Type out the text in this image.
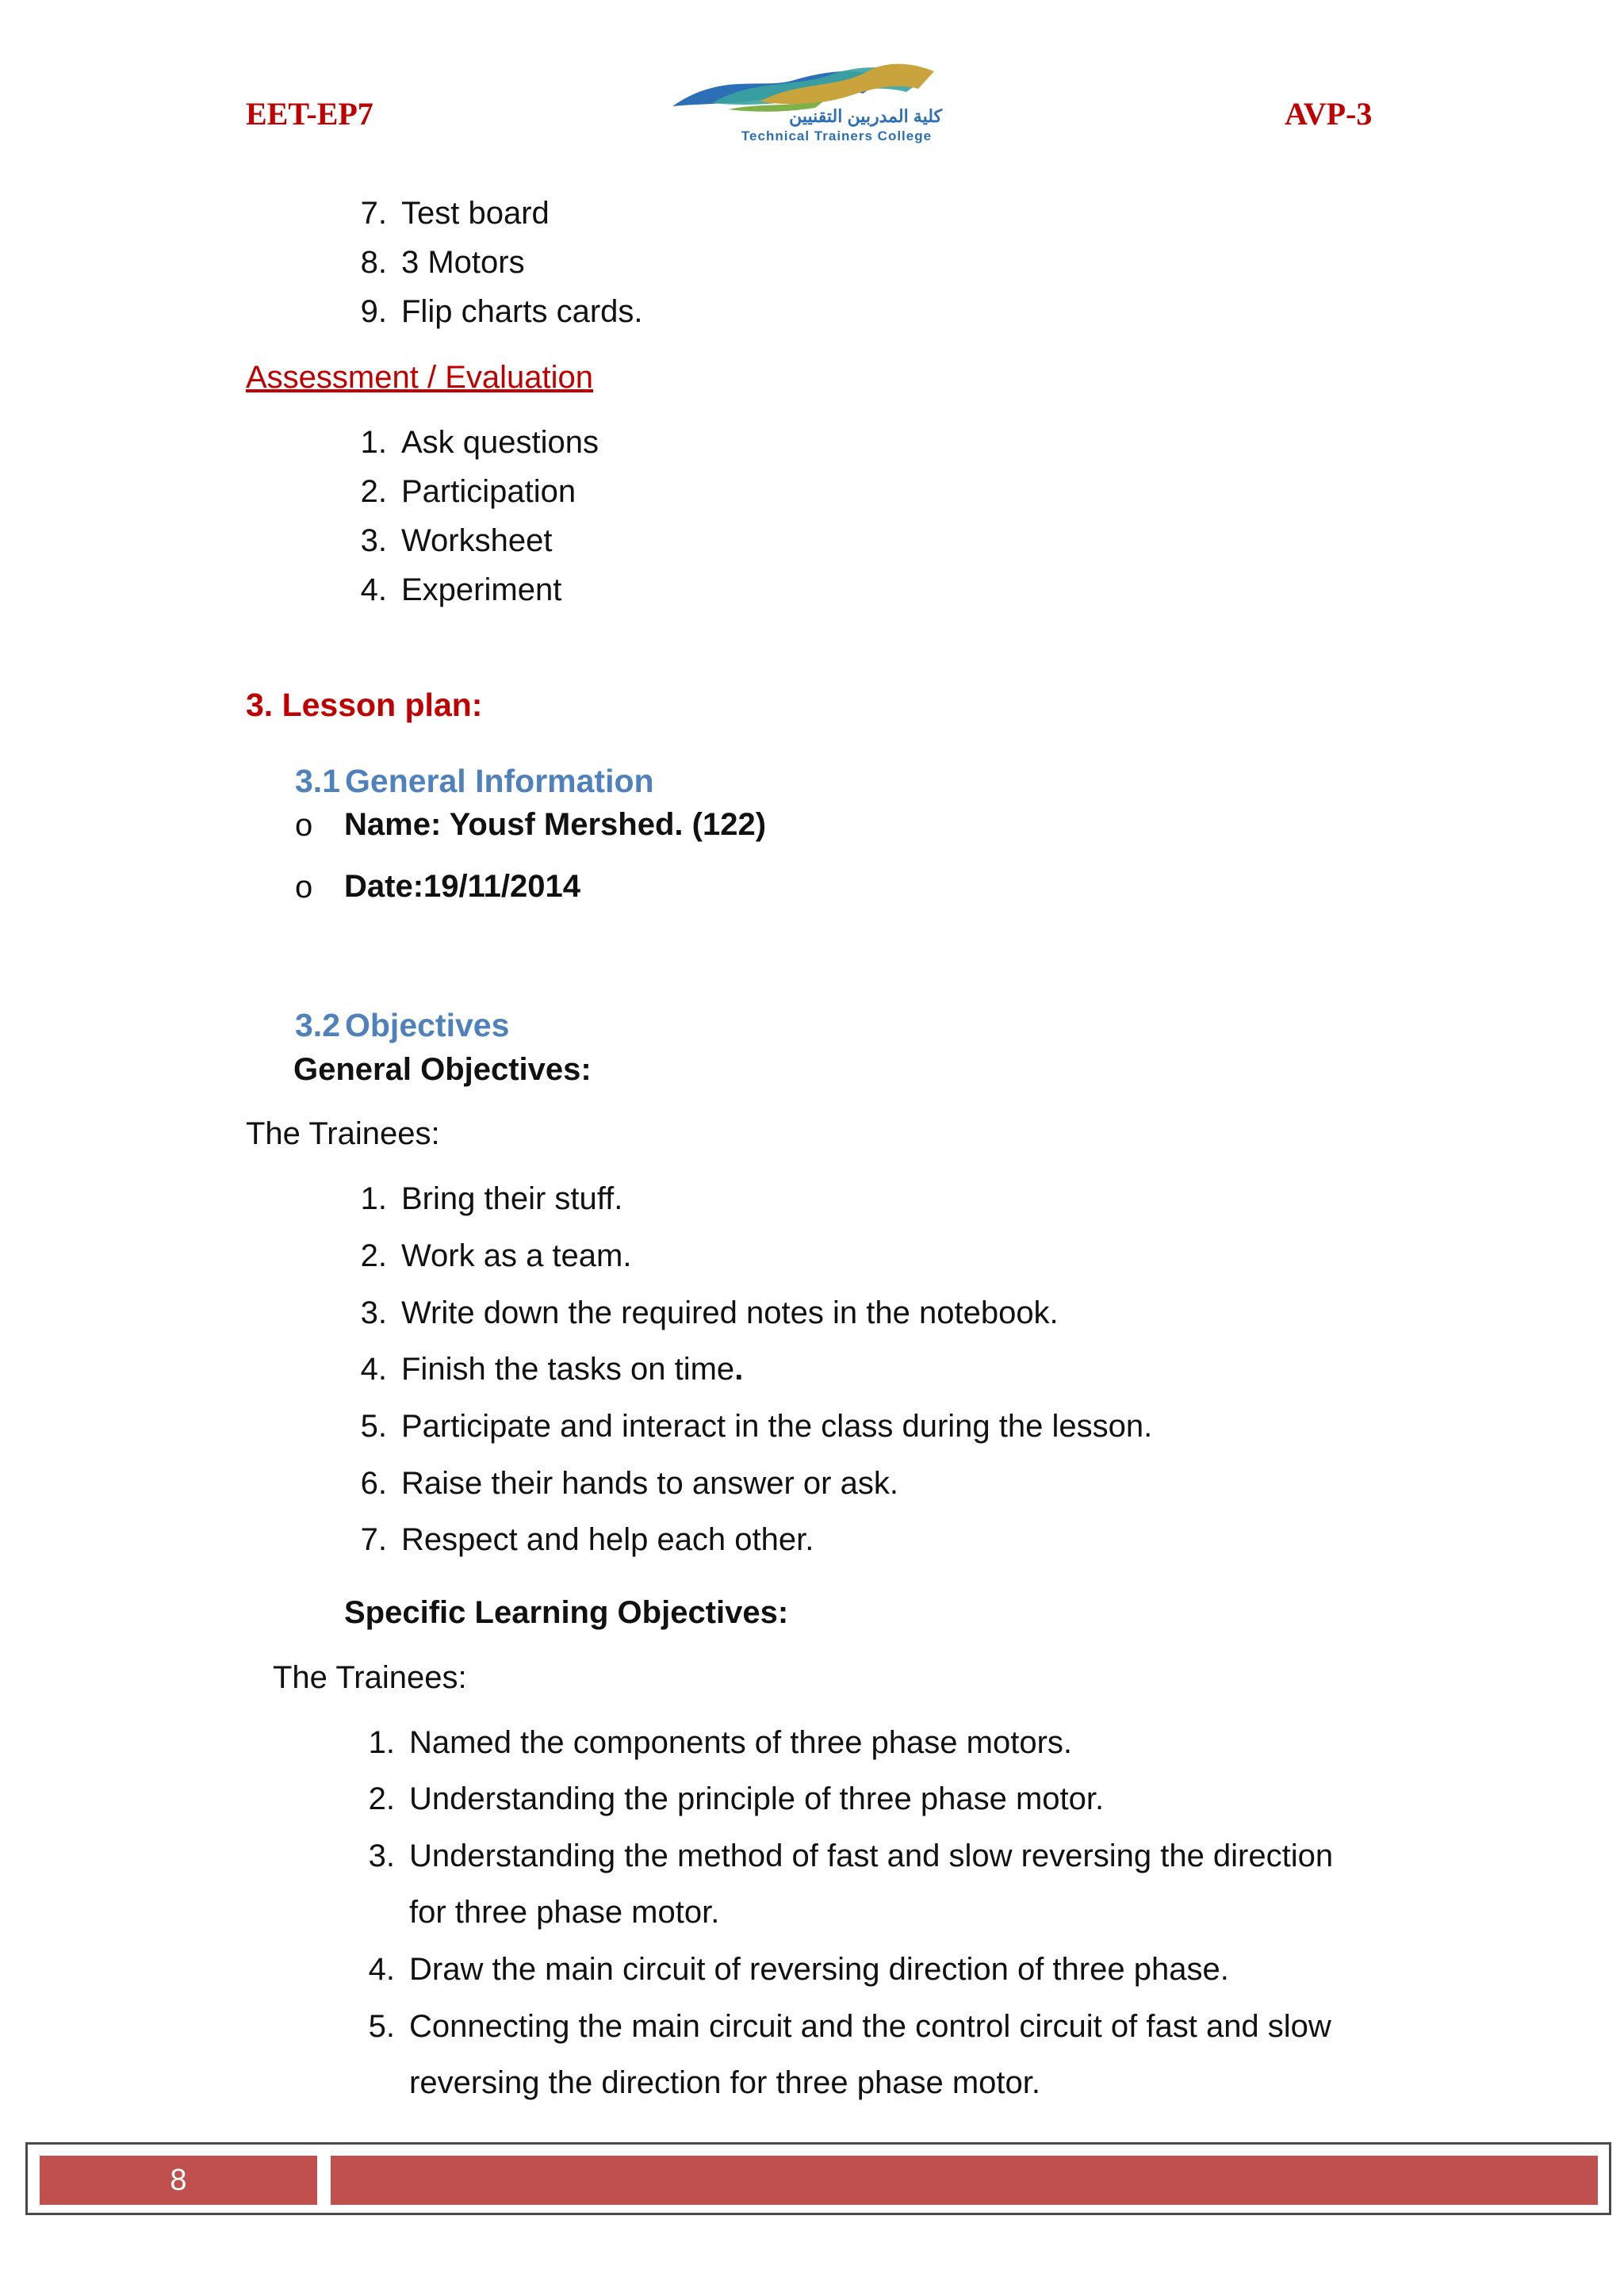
EET-EP7	AVP-3
كلية المدربين التقنيين
Technical Trainers College
7. Test board
8. 3 Motors
9. Flip charts cards.
Assessment / Evaluation
1. Ask questions
2. Participation
3. Worksheet
4. Experiment
3. Lesson plan:
3.1 General Information
o Name: Yousf Mershed. (122)
o Date:19/11/2014
3.2 Objectives
General Objectives:
The Trainees:
1. Bring their stuff.
2. Work as a team.
3. Write down the required notes in the notebook.
4. Finish the tasks on time.
5. Participate and interact in the class during the lesson.
6. Raise their hands to answer or ask.
7. Respect and help each other.
Specific Learning Objectives:
The Trainees:
1. Named the components of three phase motors.
2. Understanding the principle of three phase motor.
3. Understanding the method of fast and slow reversing the direction
for three phase motor.
4. Draw the main circuit of reversing direction of three phase.
5. Connecting the main circuit and the control circuit of fast and slow
reversing the direction for three phase motor.
8
